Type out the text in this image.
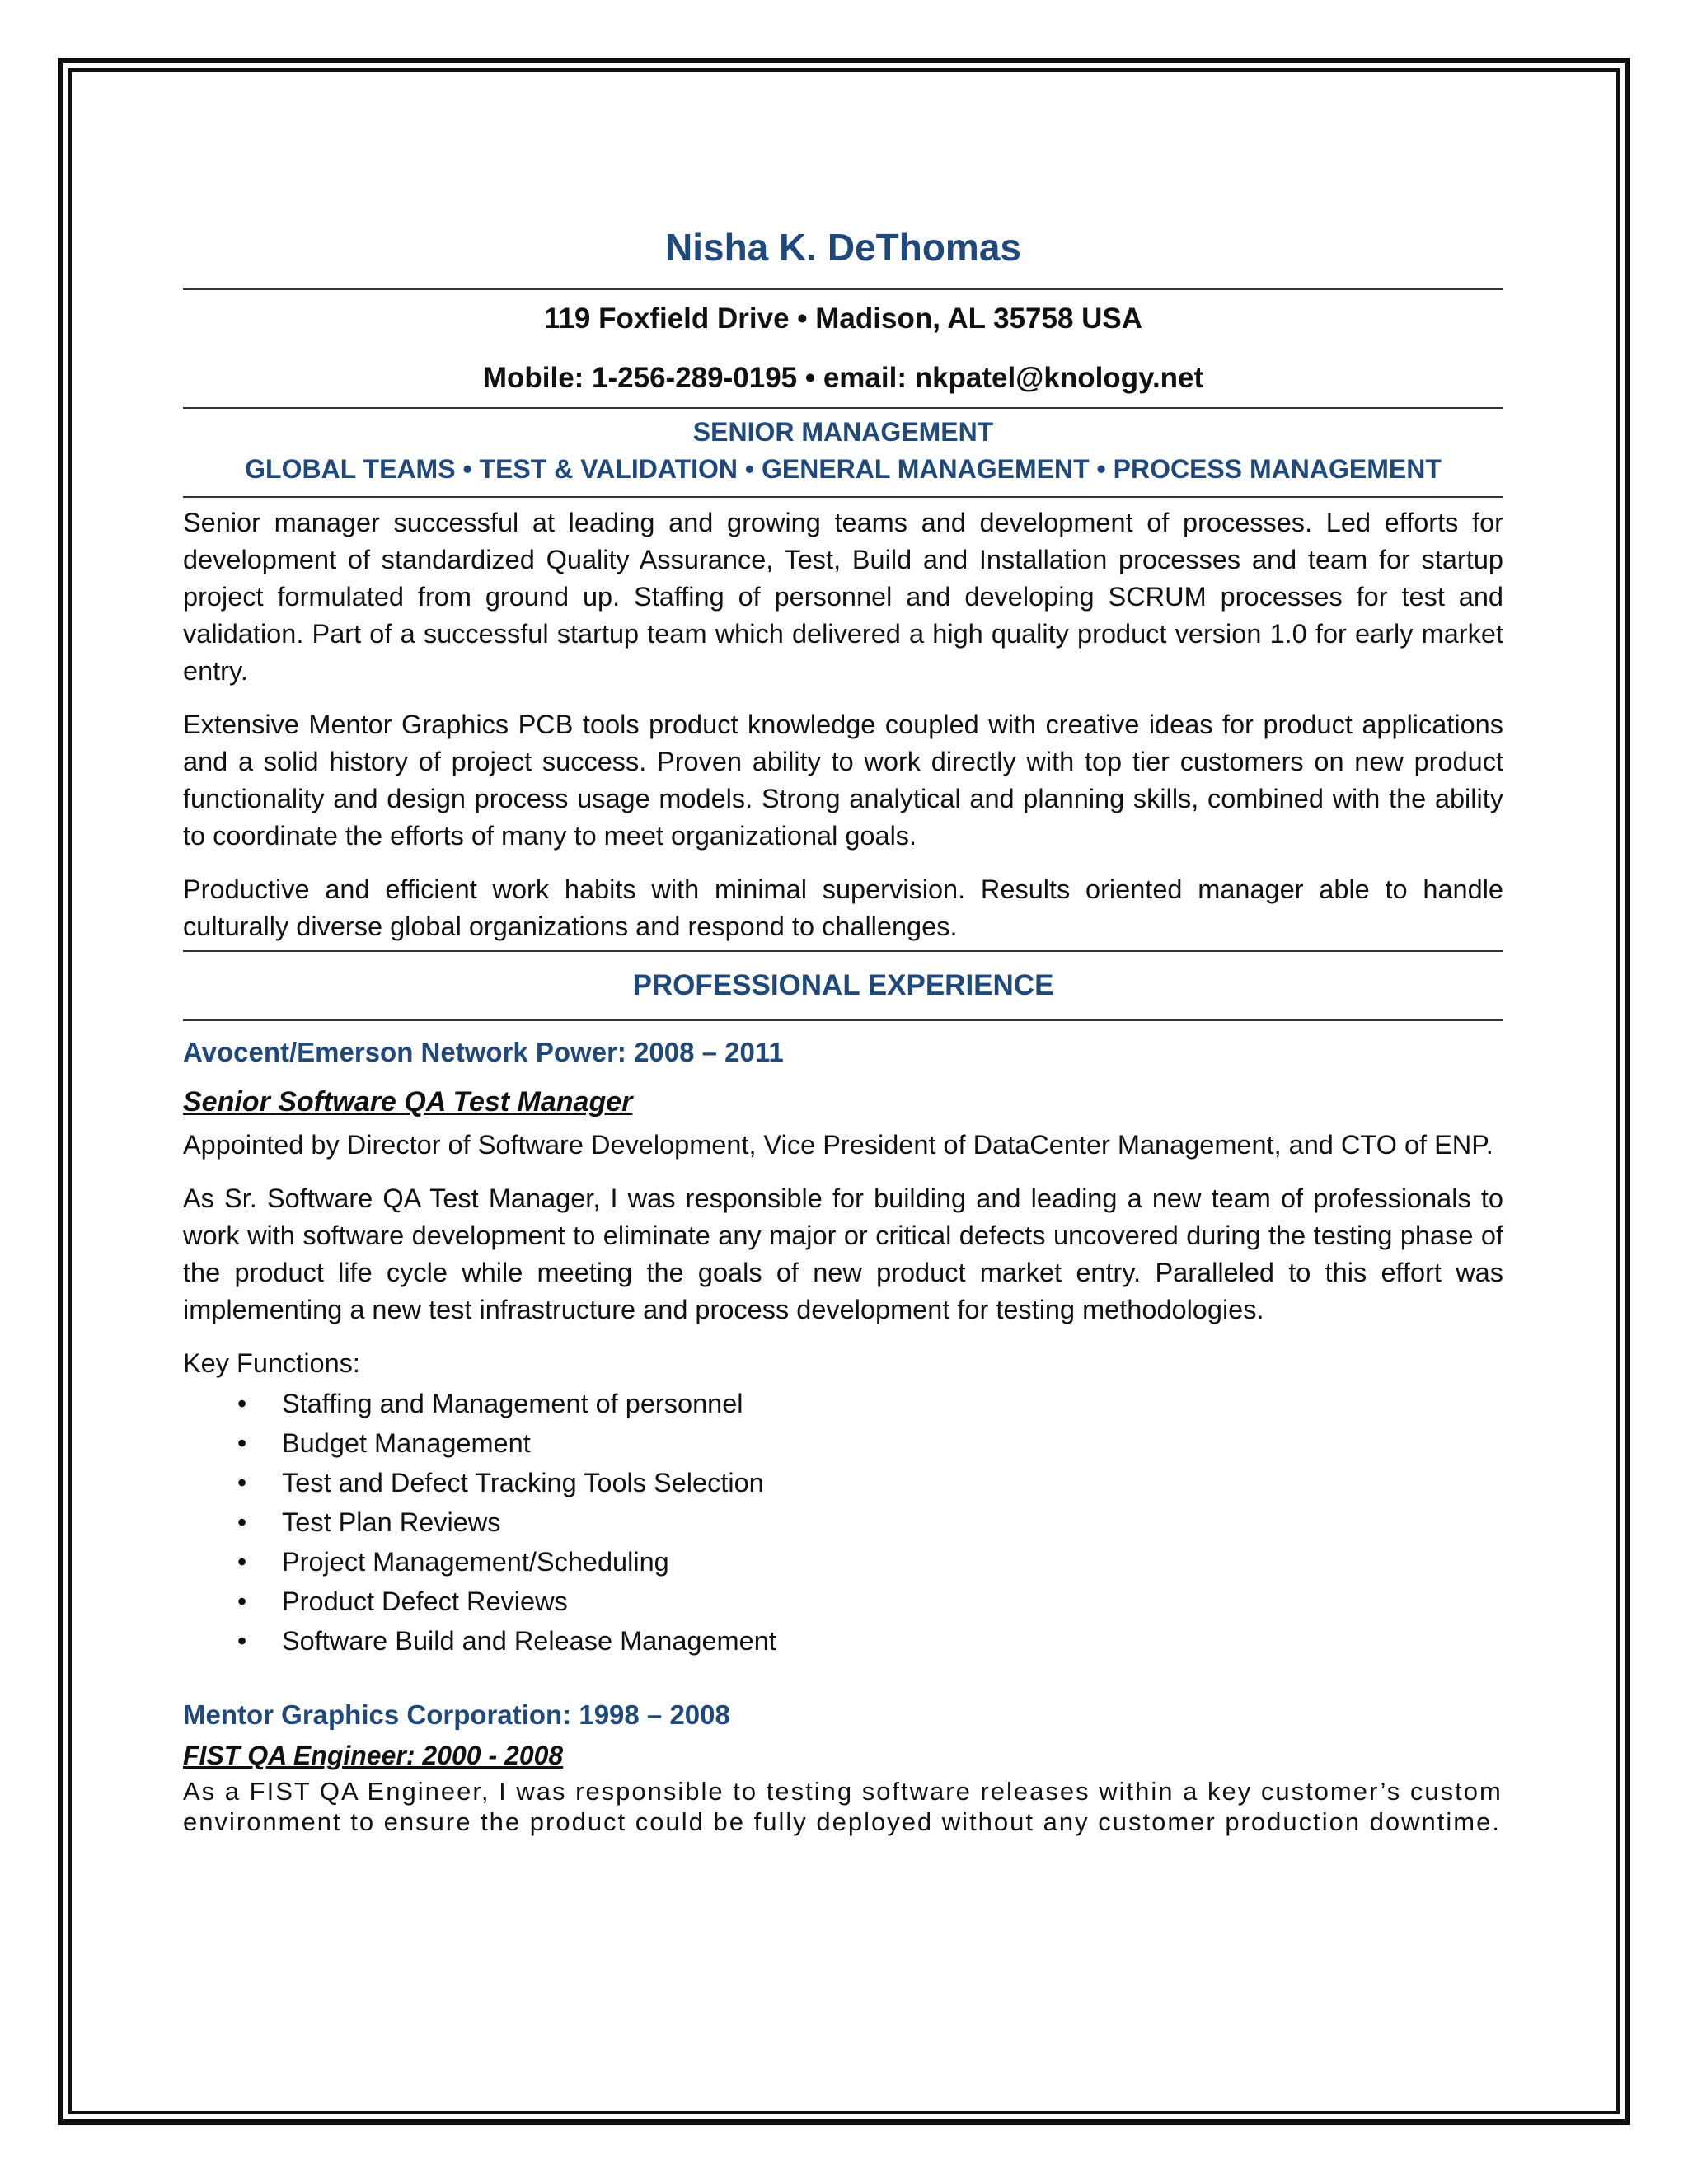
Nisha K. DeThomas
119 Foxfield Drive • Madison, AL 35758 USA
Mobile: 1-256-289-0195 • email: nkpatel@knology.net
SENIOR MANAGEMENT
GLOBAL TEAMS • TEST & VALIDATION • GENERAL MANAGEMENT • PROCESS MANAGEMENT

Senior manager successful at leading and growing teams and development of processes. Led efforts for development of standardized Quality Assurance, Test, Build and Installation processes and team for startup project formulated from ground up. Staffing of personnel and developing SCRUM processes for test and validation. Part of a successful startup team which delivered a high quality product version 1.0 for early market entry.

Extensive Mentor Graphics PCB tools product knowledge coupled with creative ideas for product applications and a solid history of project success. Proven ability to work directly with top tier customers on new product functionality and design process usage models. Strong analytical and planning skills, combined with the ability to coordinate the efforts of many to meet organizational goals.

Productive and efficient work habits with minimal supervision. Results oriented manager able to handle culturally diverse global organizations and respond to challenges.

PROFESSIONAL EXPERIENCE
Avocent/Emerson Network Power: 2008 – 2011
Senior Software QA Test Manager

Appointed by Director of Software Development, Vice President of DataCenter Management, and CTO of ENP.

As Sr. Software QA Test Manager, I was responsible for building and leading a new team of professionals to work with software development to eliminate any major or critical defects uncovered during the testing phase of the product life cycle while meeting the goals of new product market entry. Paralleled to this effort was implementing a new test infrastructure and process development for testing methodologies.

Key Functions:
• Staffing and Management of personnel
• Budget Management
• Test and Defect Tracking Tools Selection
• Test Plan Reviews
• Project Management/Scheduling
• Product Defect Reviews
• Software Build and Release Management
Mentor Graphics Corporation: 1998 – 2008
FIST QA Engineer: 2000 - 2008

As a FIST QA Engineer, I was responsible to testing software releases within a key customer’s custom environment to ensure the product could be fully deployed without any customer production downtime.
